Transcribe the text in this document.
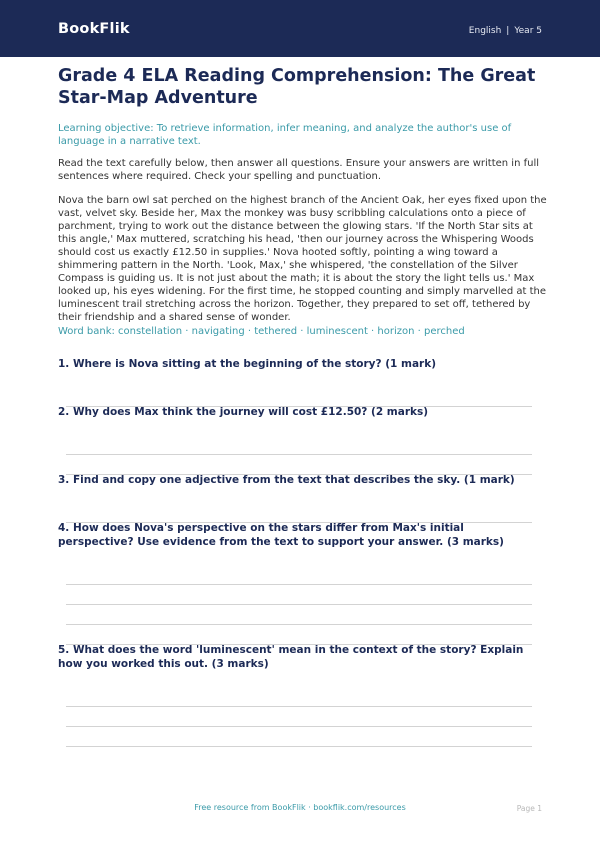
BookFlik	English | Year 5
Grade 4 ELA Reading Comprehension: The Great Star-Map Adventure
Learning objective: To retrieve information, infer meaning, and analyze the author's use of language in a narrative text.
Read the text carefully below, then answer all questions. Ensure your answers are written in full sentences where required. Check your spelling and punctuation.
Nova the barn owl sat perched on the highest branch of the Ancient Oak, her eyes fixed upon the vast, velvet sky. Beside her, Max the monkey was busy scribbling calculations onto a piece of parchment, trying to work out the distance between the glowing stars. 'If the North Star sits at this angle,' Max muttered, scratching his head, 'then our journey across the Whispering Woods should cost us exactly £12.50 in supplies.' Nova hooted softly, pointing a wing toward a shimmering pattern in the North. 'Look, Max,' she whispered, 'the constellation of the Silver Compass is guiding us. It is not just about the math; it is about the story the light tells us.' Max looked up, his eyes widening. For the first time, he stopped counting and simply marvelled at the luminescent trail stretching across the horizon. Together, they prepared to set off, tethered by their friendship and a shared sense of wonder.
Word bank: constellation · navigating · tethered · luminescent · horizon · perched
1. Where is Nova sitting at the beginning of the story? (1 mark)
2. Why does Max think the journey will cost £12.50? (2 marks)
3. Find and copy one adjective from the text that describes the sky. (1 mark)
4. How does Nova's perspective on the stars differ from Max's initial perspective? Use evidence from the text to support your answer. (3 marks)
5. What does the word 'luminescent' mean in the context of the story? Explain how you worked this out. (3 marks)
Free resource from BookFlik · bookflik.com/resources	Page 1
